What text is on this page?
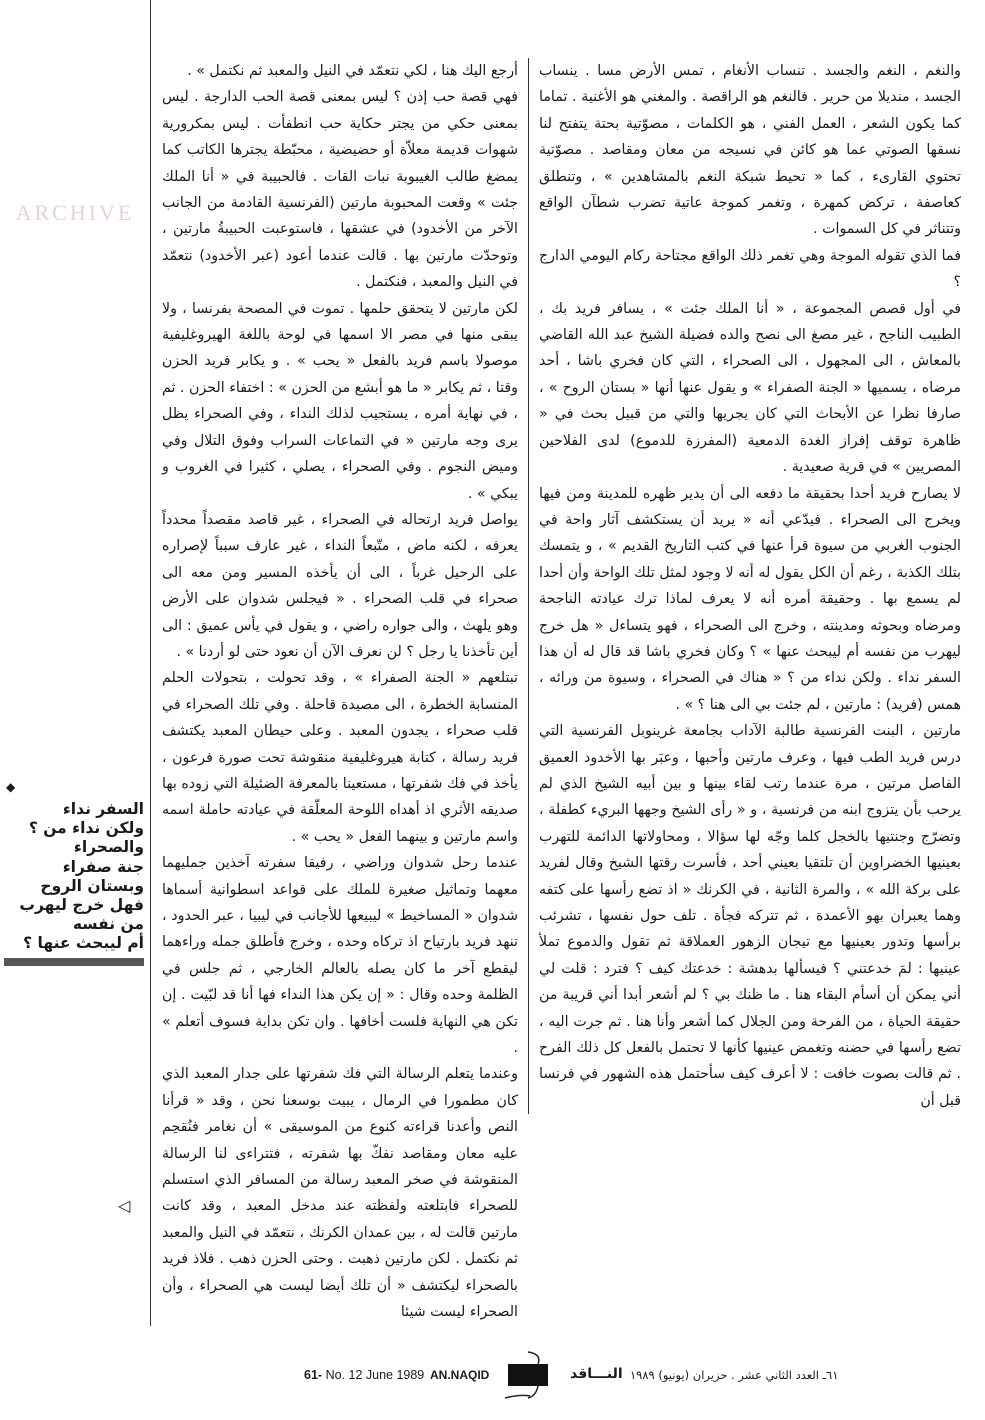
ARCHIVE
◆
السفر نداء
ولكن نداء من ؟
والصحراء
جنة صفراء
وبستان الروح
فهل خرج ليهرب
من نفسه
أم ليبحث عنها ؟
◁

والنغم ، النغم والجسد . تنساب الأنغام ، تمس الأرض مسا . ينساب الجسد ، منديلا من حرير . فالنغم هو الراقصة . والمغني هو الأغنية . تماما كما يكون الشعر ، العمل الفني ، هو الكلمات ، مصوّتية بحتة يتفتح لنا نسقها الصوتي عما هو كائن في نسيجه من معان ومقاصد . مصوّتية تحتوي القارىء ، كما « تحيط شبكة النغم بالمشاهدين » ، وتنطلق كعاصفة ، تركض كمهرة ، وتغمر كموجة عاتية تضرب شطآن الواقع وتتناثر في كل السموات .

فما الذي تقوله الموجة وهي تغمر ذلك الواقع مجتاحة ركام اليومي الدارج ؟

في أول قصص المجموعة ، « أنا الملك جئت » ، يسافر فريد بك ، الطبيب الناجح ، غير مصغ الى نصح والده فضيلة الشيخ عبد الله القاضي بالمعاش ، الى المجهول ، الى الصحراء ، التي كان فخري باشا ، أحد مرضاه ، يسميها « الجنة الصفراء » و يقول عنها أنها « بستان الروح » ، صارفا نظرا عن الأبحاث التي كان يجريها والتي من قبيل بحث في « ظاهرة توقف إفراز الغدة الدمعية (المفرزة للدموع) لدى الفلاحين المصريين » في قرية صعيدية .

لا يصارح فريد أحدا بحقيقة ما دفعه الى أن يدير ظهره للمدينة ومن فيها ويخرج الى الصحراء . فيدّعي أنه « يريد أن يستكشف آثار واحة في الجنوب الغربي من سيوة قرأ عنها في كتب التاريخ القديم » ، و يتمسك بتلك الكذبة ، رغم أن الكل يقول له أنه لا وجود لمثل تلك الواحة وأن أحدا لم يسمع بها . وحقيقة أمره أنه لا يعرف لماذا ترك عيادته الناجحة ومرضاه وبحوثه ومدينته ، وخرج الى الصحراء ، فهو يتساءل « هل خرج ليهرب من نفسه أم ليبحث عنها » ؟ وكان فخري باشا قد قال له أن هذا السفر نداء . ولكن نداء من ؟ « هناك في الصحراء ، وسيوة من ورائه ، همس (فريد) : مارتين ، لم جئت بي الى هنا ؟ » .

مارتين ، البنت الفرنسية طالبة الآداب بجامعة غرينوبل الفرنسية التي درس فريد الطب فيها ، وعرف مارتين وأحبها ، وعبَر بها الأخدود العميق الفاصل مرتين ، مرة عندما رتب لقاء بينها و بين أبيه الشيخ الذي لم يرحب بأن يتزوج ابنه من فرنسية ، و « رأى الشيخ وجهها البريء كطفلة ، وتضرّج وجنتيها بالخجل كلما وجّه لها سؤالا ، ومحاولاتها الدائمة للتهرب بعينيها الخضراوين أن تلتقيا بعيني أحد ، فأسرت رقتها الشيخ وقال لفريد على بركة الله » ، والمرة الثانية ، في الكرنك « اذ تضع رأسها على كتفه وهما يعبران بهو الأعمدة ، ثم تتركه فجأة . تلف حول نفسها ، تشرئب برأسها وتدور بعينيها مع تيجان الزهور العملاقة ثم تقول والدموع تملأ عينيها : لمَ خدعتني ؟ فيسألها بدهشة : خدعتك كيف ؟ فترد : قلت لي أني يمكن أن أسأم البقاء هنا . ما ظنك بي ؟ لم أشعر أبدا أني قريبة من حقيقة الحياة ، من الفرحة ومن الجلال كما أشعر وأنا هنا . ثم جرت اليه ، تضع رأسها في حضنه وتغمض عينيها كأنها لا تحتمل بالفعل كل ذلك الفرح . ثم قالت بصوت خافت : لا أعرف كيف سأحتمل هذه الشهور في فرنسا قبل أن

أرجع اليك هنا ، لكي نتعمّد في النيل والمعبد ثم نكتمل » .

فهي قصة حب إذن ؟ ليس بمعنى قصة الحب الدارجة . ليس بمعنى حكي من يجتر حكاية حب انطفأت . ليس بمكرورية شهوات قديمة معلاّة أو حضيضية ، محبّطة يجترها الكاتب كما يمضغ طالب الغيبوبة نبات القات . فالحبيبة في « أنا الملك جئت » وقعت المحبوبة مارتين (الفرنسية القادمة من الجانب الآخر من الأخدود) في عشقها ، فاستوعبت الحبيبةُ مارتين ، وتوحدّت مارتين بها . قالت عندما أعود (عبر الأخدود) نتعمّد في النيل والمعبد ، فنكتمل .

لكن مارتين لا يتحقق حلمها . تموت في المصحة بفرنسا ، ولا يبقى منها في مصر الا اسمها في لوحة باللغة الهيروغليفية موصولا باسم فريد بالفعل « يحب » . و يكابر فريد الحزن وقتا ، ثم يكابر « ما هو أبشع من الحزن » : اختفاء الحزن . ثم ، في نهاية أمره ، يستجيب لذلك النداء ، وفي الصحراء يظل يرى وجه مارتين « في التماعات السراب وفوق التلال وفي وميض النجوم . وفي الصحراء ، يصلي ، كثيرا في الغروب و يبكي » .

يواصل فريد ارتحاله في الصحراء ، غير قاصد مقصداً محدداً يعرفه ، لكنه ماض ، متّبعاً النداء ، غير عارف سبباً لإصراره على الرحيل غرباً ، الى أن يأخذه المسير ومن معه الى صحراء في قلب الصحراء . « فيجلس شدوان على الأرض وهو يلهث ، والى جواره راضي ، و يقول في يأس عميق : الى أين تأخذنا يا رجل ؟ لن نعرف الآن أن نعود حتى لو أردنا » .

تبتلعهم « الجنة الصفراء » ، وقد تحولت ، بتحولات الحلم المنسابة الخطرة ، الى مصيدة قاحلة . وفي تلك الصحراء في قلب صحراء ، يجدون المعبد . وعلى حيطان المعبد يكتشف فريد رسالة ، كتابة هيروغليفية منقوشة تحت صورة فرعون ، يأخذ في فك شفرتها ، مستعينا بالمعرفة الضئيلة التي زوده بها صديقه الأثري اذ أهداه اللوحة المعلّقة في عيادته حاملة اسمه واسم مارتين و بينهما الفعل « يحب » .

عندما رحل شدوان وراضي ، رفيقا سفرته آخذين جمليهما معهما وتماثيل صغيرة للملك على قواعد اسطوانية أسماها شدوان « المساخيط » ليبيعها للأجانب في ليبيا ، عبر الحدود ، تنهد فريد بارتياح اذ تركاه وحده ، وخرج فأطلق جمله وراءهما ليقطع آخر ما كان يصله بالعالم الخارجي ، ثم جلس في الظلمة وحده وقال : « إن يكن هذا النداء فها أنا قد لبّيت . إن تكن هي النهاية فلست أخافها . وان تكن بداية فسوف أتعلم » .

وعندما يتعلم الرسالة التي فك شفرتها على جدار المعبد الذي كان مطمورا في الرمال ، يبيت بوسعنا نحن ، وقد « قرأنا النص وأعدنا قراءته كنوع من الموسيقى » أن نغامر فنُقحِم عليه معان ومقاصد نفكّ بها شفرته ، فتتراءى لنا الرسالة المنقوشة في صخر المعبد رسالة من المسافر الذي استسلم للصحراء فابتلعته ولفظته عند مدخل المعبد ، وقد كانت مارتين قالت له ، بين عمدان الكرنك ، نتعمّد في النيل والمعبد ثم نكتمل . لكن مارتين ذهبت . وحتى الحزن ذهب . فلاذ فريد بالصحراء ليكتشف « أن تلك أيضا ليست هي الصحراء ، وأن الصحراء ليست شيئا

61- No. 12 June 1989 AN.NAQID	النـــاقد ٦١ـ العدد الثاني عشر . حزيران (يونيو) ١٩٨٩
